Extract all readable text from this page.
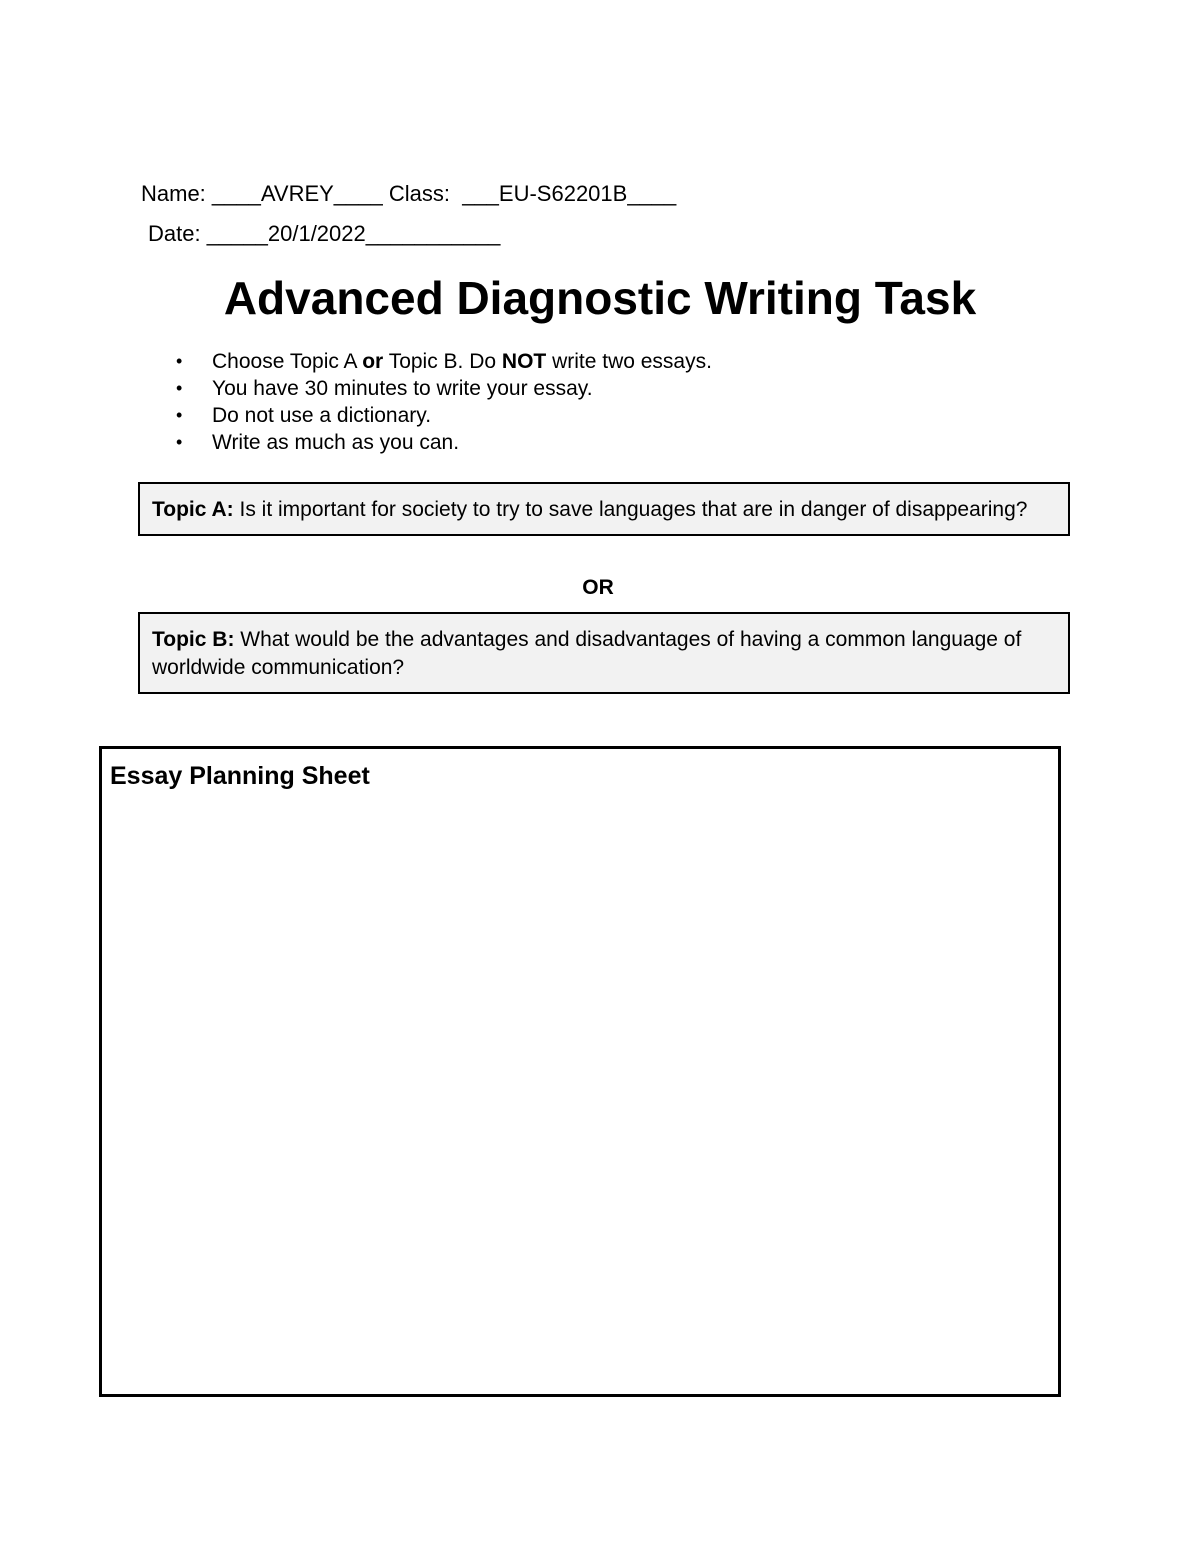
Name: ____AVREY____ Class:  ___EU-S62201B____
Date: _____20/1/2022___________
Advanced Diagnostic Writing Task
• Choose Topic A or Topic B. Do NOT write two essays.
• You have 30 minutes to write your essay.
• Do not use a dictionary.
• Write as much as you can.
Topic A: Is it important for society to try to save languages that are in danger of disappearing?
OR
Topic B: What would be the advantages and disadvantages of having a common language of worldwide communication?
Essay Planning Sheet
